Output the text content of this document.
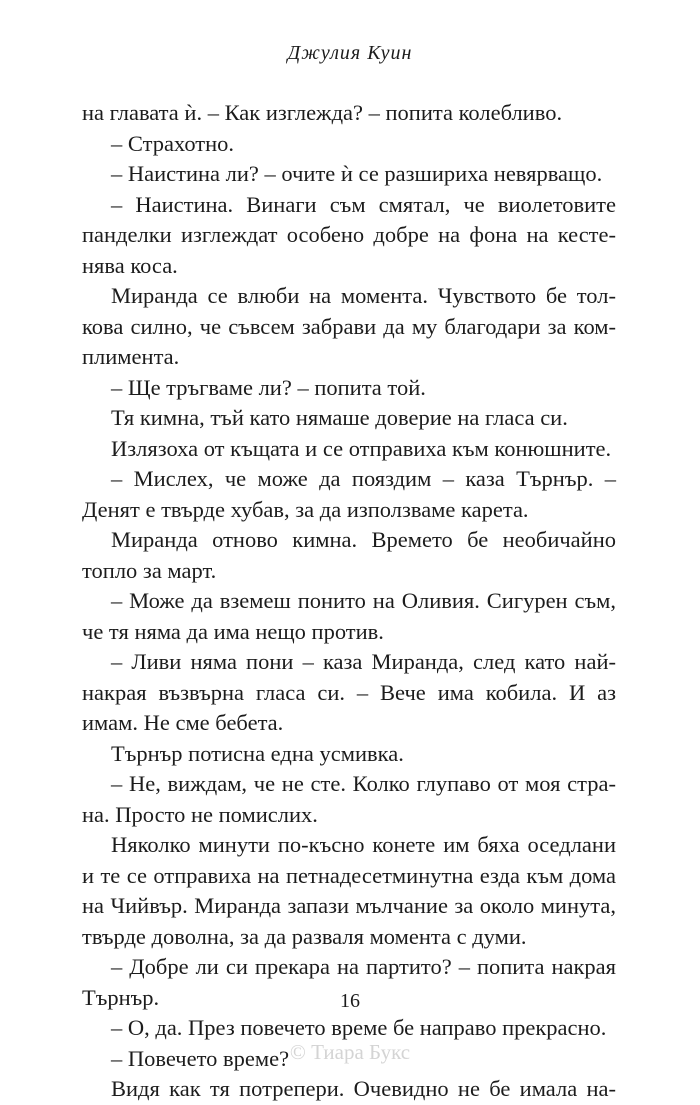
Джулия Куин
на главата ѝ. – Как изглежда? – попита колебливо.
– Страхотно.
– Наистина ли? – очите ѝ се разшириха невярващо.
– Наистина. Винаги съм смятал, че виолетовите
панделки изглеждат особено добре на фона на кесте-
нява коса.
Миранда се влюби на момента. Чувството бе тол-
кова силно, че съвсем забрави да му благодари за ком-
плимента.
– Ще тръгваме ли? – попита той.
Тя кимна, тъй като нямаше доверие на гласа си.
Излязоха от къщата и се отправиха към конюшните.
– Мислех, че може да пояздим – каза Търнър. –
Денят е твърде хубав, за да използваме карета.
Миранда отново кимна. Времето бе необичайно
топло за март.
– Може да вземеш понито на Оливия. Сигурен съм,
че тя няма да има нещо против.
– Ливи няма пони – каза Миранда, след като най-
накрая възвърна гласа си. – Вече има кобила. И аз
имам. Не сме бебета.
Търнър потисна една усмивка.
– Не, виждам, че не сте. Колко глупаво от моя стра-
на. Просто не помислих.
Няколко минути по-късно конете им бяха оседлани
и те се отправиха на петнадесетминутна езда към дома
на Чийвър. Миранда запази мълчание за около минута,
твърде доволна, за да разваля момента с думи.
– Добре ли си прекара на партито? – попита накрая
Търнър.
– О, да. През повечето време бе направо прекрасно.
– Повечето време?
Видя как тя потрепери. Очевидно не бе имала на-
16
© Тиара Букс
